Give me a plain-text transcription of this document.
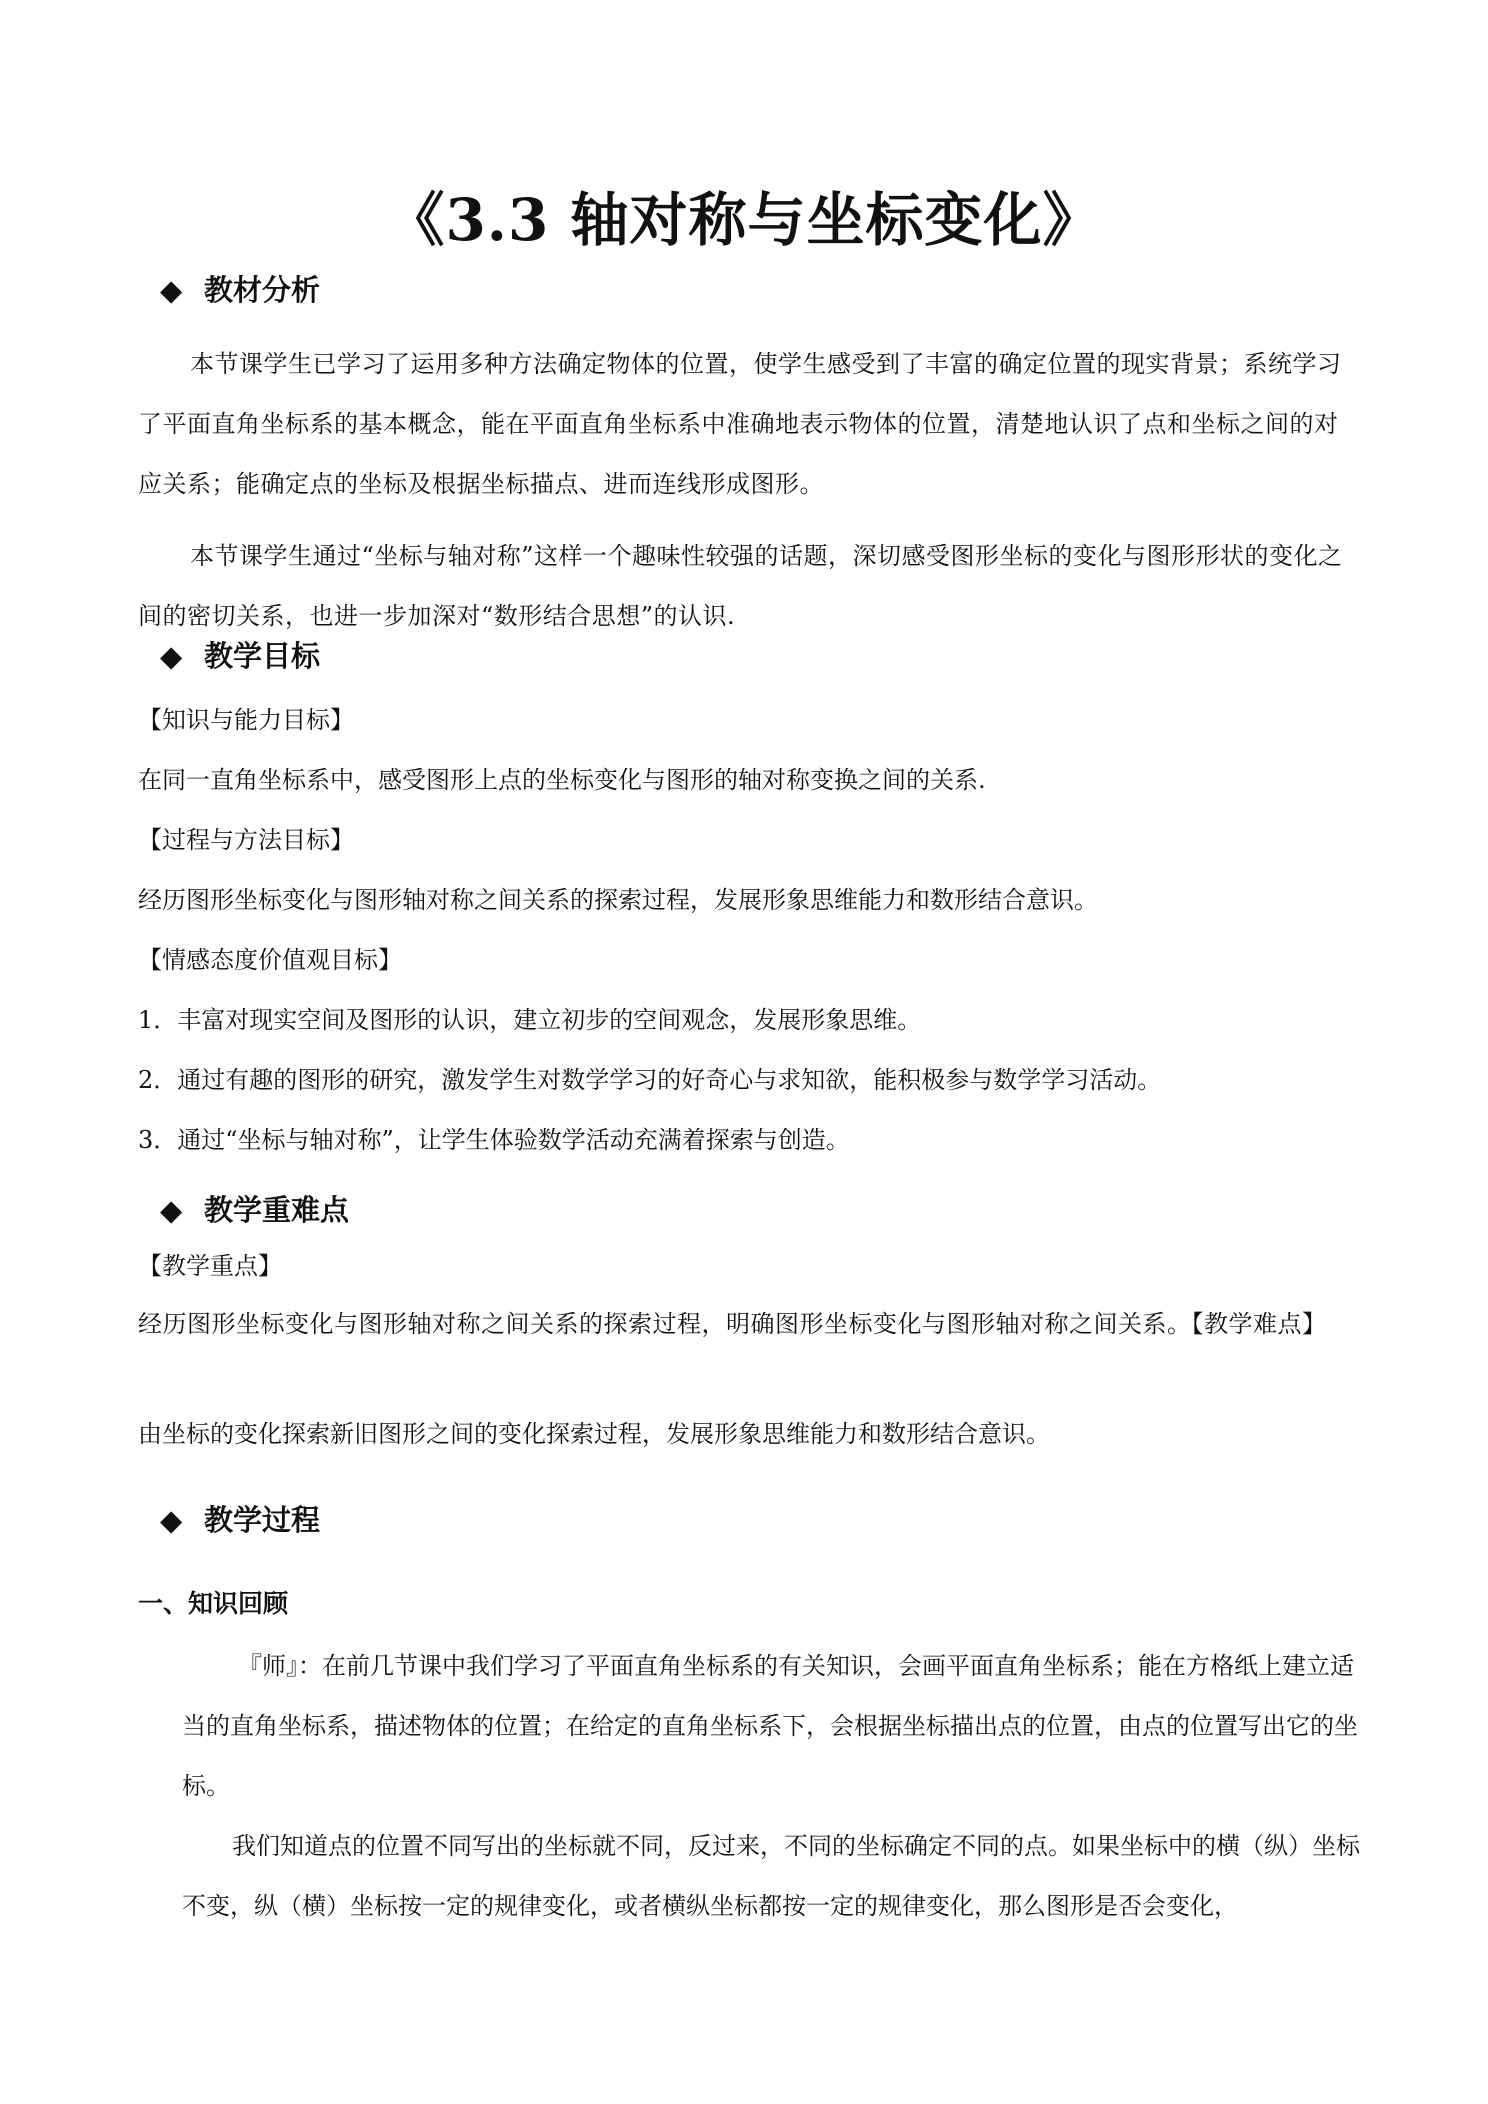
《3.3 轴对称与坐标变化》
◆ 教材分析

本节课学生已学习了运用多种方法确定物体的位置，使学生感受到了丰富的确定位置的现实背景；系统学习了平面直角坐标系的基本概念，能在平面直角坐标系中准确地表示物体的位置，清楚地认识了点和坐标之间的对应关系；能确定点的坐标及根据坐标描点、进而连线形成图形。

本节课学生通过“坐标与轴对称”这样一个趣味性较强的话题，深切感受图形坐标的变化与图形形状的变化之间的密切关系，也进一步加深对“数形结合思想”的认识.

◆ 教学目标
【知识与能力目标】
在同一直角坐标系中，感受图形上点的坐标变化与图形的轴对称变换之间的关系.
【过程与方法目标】
经历图形坐标变化与图形轴对称之间关系的探索过程，发展形象思维能力和数形结合意识。
【情感态度价值观目标】
1．丰富对现实空间及图形的认识，建立初步的空间观念，发展形象思维。
2．通过有趣的图形的研究，激发学生对数学学习的好奇心与求知欲，能积极参与数学学习活动。
3．通过“坐标与轴对称”，让学生体验数学活动充满着探索与创造。
◆ 教学重难点
【教学重点】

经历图形坐标变化与图形轴对称之间关系的探索过程，明确图形坐标变化与图形轴对称之间关系。【教学难点】

由坐标的变化探索新旧图形之间的变化探索过程，发展形象思维能力和数形结合意识。
◆ 教学过程
一、知识回顾

『师』：在前几节课中我们学习了平面直角坐标系的有关知识，会画平面直角坐标系；能在方格纸上建立适当的直角坐标系，描述物体的位置；在给定的直角坐标系下，会根据坐标描出点的位置，由点的位置写出它的坐标。

我们知道点的位置不同写出的坐标就不同，反过来，不同的坐标确定不同的点。如果坐标中的横（纵）坐标不变，纵（横）坐标按一定的规律变化，或者横纵坐标都按一定的规律变化，那么图形是否会变化，
